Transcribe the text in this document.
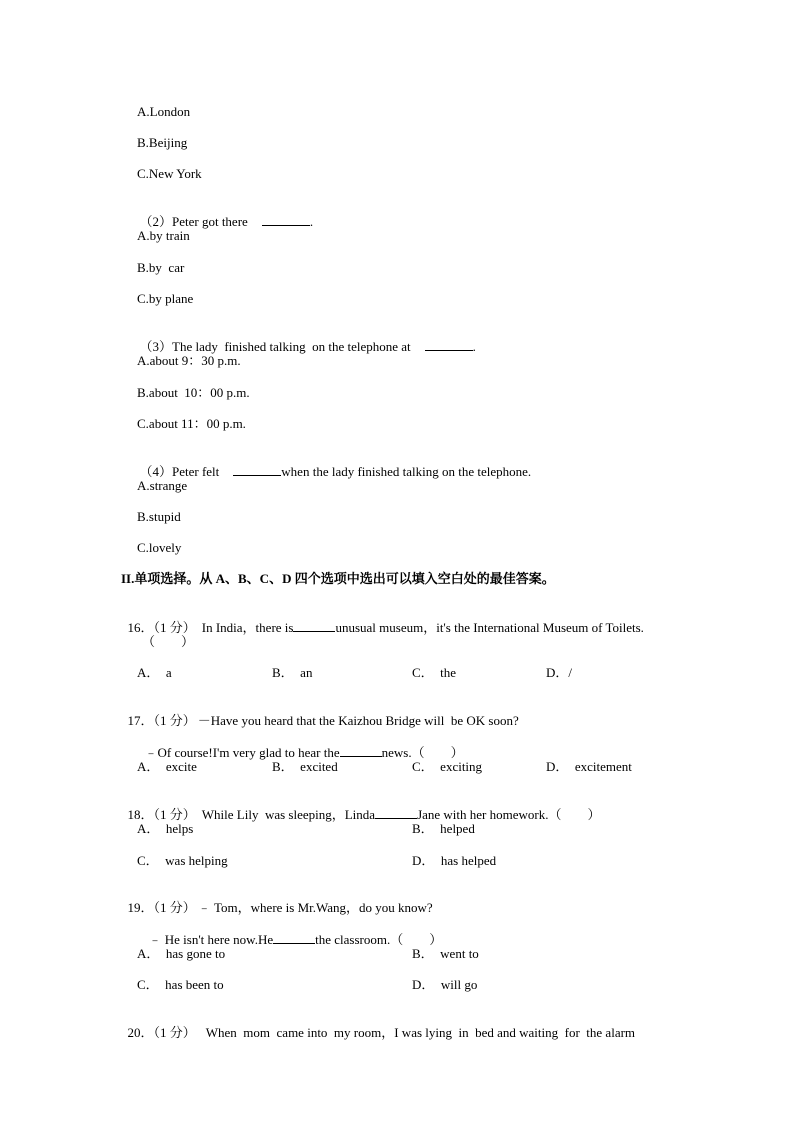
A.London
B.Beijing
C.New York

（2）Peter got there	.

A.by train
B.by  car
C.by plane

（3）The lady  finished talking  on the telephone at	.

A.about 9：30 p.m.
B.about  10：00 p.m.
C.about 11：00 p.m.

（4）Peter felt	when the lady finished talking on the telephone.

A.strange
B.stupid
C.lovely
II.单项选择。从 A、B、C、D 四个选项中选出可以填入空白处的最佳答案。

16．（1 分） In India，there is	unusual museum，it's the International Museum of Toilets.

（　　）
A．  a	B．  an	C．  the	D．/

17．（1 分） －Have you heard that the Kaizhou Bridge will  be OK soon?

﹣Of course!I'm very glad to hear the	news.（　　）

A．  excite	B．  excited	C．  exciting	D．  excitement

18．（1 分） While Lily  was sleeping，Linda	Jane with her homework.（　　）

A．  helps	B．  helped
C．  was helping	D．  has helped

19．（1 分） ﹣ Tom，where is Mr.Wang，do you know?

﹣ He isn't here now.He	the classroom.（　　）

A．  has gone to	B．  went to
C．  has been to	D．  will go

20．（1 分） When  mom  came into  my room，I was lying  in  bed and waiting  for  the alarm
